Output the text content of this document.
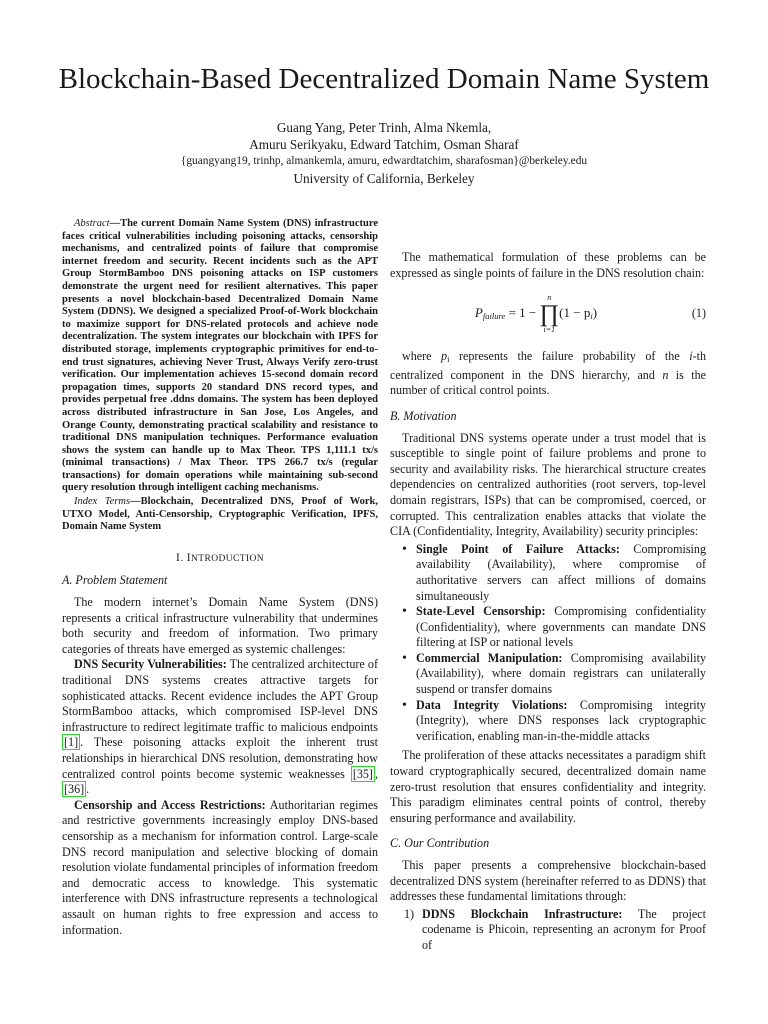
Blockchain-Based Decentralized Domain Name System
Guang Yang, Peter Trinh, Alma Nkemla,
Amuru Serikyaku, Edward Tatchim, Osman Sharaf
{guangyang19, trinhp, almankemla, amuru, edwardtatchim, sharafosman}@berkeley.edu
University of California, Berkeley

Abstract—The current Domain Name System (DNS) infrastructure faces critical vulnerabilities including poisoning attacks, censorship mechanisms, and centralized points of failure that compromise internet freedom and security. Recent incidents such as the APT Group StormBamboo DNS poisoning attacks on ISP customers demonstrate the urgent need for resilient alternatives. This paper presents a novel blockchain-based Decentralized Domain Name System (DDNS). We designed a specialized Proof-of-Work blockchain to maximize support for DNS-related protocols and achieve node decentralization. The system integrates our blockchain with IPFS for distributed storage, implements cryptographic primitives for end-to-end trust signatures, achieving Never Trust, Always Verify zero-trust verification. Our implementation achieves 15-second domain record propagation times, supports 20 standard DNS record types, and provides perpetual free .ddns domains. The system has been deployed across distributed infrastructure in San Jose, Los Angeles, and Orange County, demonstrating practical scalability and resistance to traditional DNS manipulation techniques. Performance evaluation shows the system can handle up to Max Theor. TPS 1,111.1 tx/s (minimal transactions) / Max Theor. TPS 266.7 tx/s (regular transactions) for domain operations while maintaining sub-second query resolution through intelligent caching mechanisms.

Index Terms—Blockchain, Decentralized DNS, Proof of Work, UTXO Model, Anti-Censorship, Cryptographic Verification, IPFS, Domain Name System

I. INTRODUCTION
A. Problem Statement

The modern internet’s Domain Name System (DNS) represents a critical infrastructure vulnerability that undermines both security and freedom of information. Two primary categories of threats have emerged as systemic challenges:

DNS Security Vulnerabilities: The centralized architecture of traditional DNS systems creates attractive targets for sophisticated attacks. Recent evidence includes the APT Group StormBamboo attacks, which compromised ISP-level DNS infrastructure to redirect legitimate traffic to malicious endpoints [1] . These poisoning attacks exploit the inherent trust relationships in hierarchical DNS resolution, demonstrating how centralized control points become systemic weaknesses [35] , [36] .

Censorship and Access Restrictions: Authoritarian regimes and restrictive governments increasingly employ DNS-based censorship as a mechanism for information control. Large-scale DNS record manipulation and selective blocking of domain resolution violate fundamental principles of information freedom and democratic access to knowledge. This systematic interference with DNS infrastructure represents a technological assault on human rights to free expression and access to information.

The mathematical formulation of these problems can be expressed as single points of failure in the DNS resolution chain:

$P_{failure} = 1$ −
n
∏
i=1
$(1 - p_i)$	(1)

where $p_i$ represents the failure probability of the i-th centralized component in the DNS hierarchy, and n is the number of critical control points.

B. Motivation

Traditional DNS systems operate under a trust model that is susceptible to single point of failure problems and prone to security and availability risks. The hierarchical structure creates dependencies on centralized authorities (root servers, top-level domain registrars, ISPs) that can be compromised, coerced, or corrupted. This centralization enables attacks that violate the CIA (Confidentiality, Integrity, Availability) security principles:

• Single Point of Failure Attacks: Compromising availability (Availability), where compromise of authoritative servers can affect millions of domains simultaneously
• State-Level Censorship: Compromising confidentiality (Confidentiality), where governments can mandate DNS filtering at ISP or national levels
• Commercial Manipulation: Compromising availability (Availability), where domain registrars can unilaterally suspend or transfer domains
• Data Integrity Violations: Compromising integrity (Integrity), where DNS responses lack cryptographic verification, enabling man-in-the-middle attacks

The proliferation of these attacks necessitates a paradigm shift toward cryptographically secured, decentralized domain name zero-trust resolution that ensures confidentiality and integrity. This paradigm eliminates central points of control, thereby ensuring performance and availability.

C. Our Contribution

This paper presents a comprehensive blockchain-based decentralized DNS system (hereinafter referred to as DDNS) that addresses these fundamental limitations through:

1) DDNS Blockchain Infrastructure: The project codename is Phicoin, representing an acronym for Proof of
